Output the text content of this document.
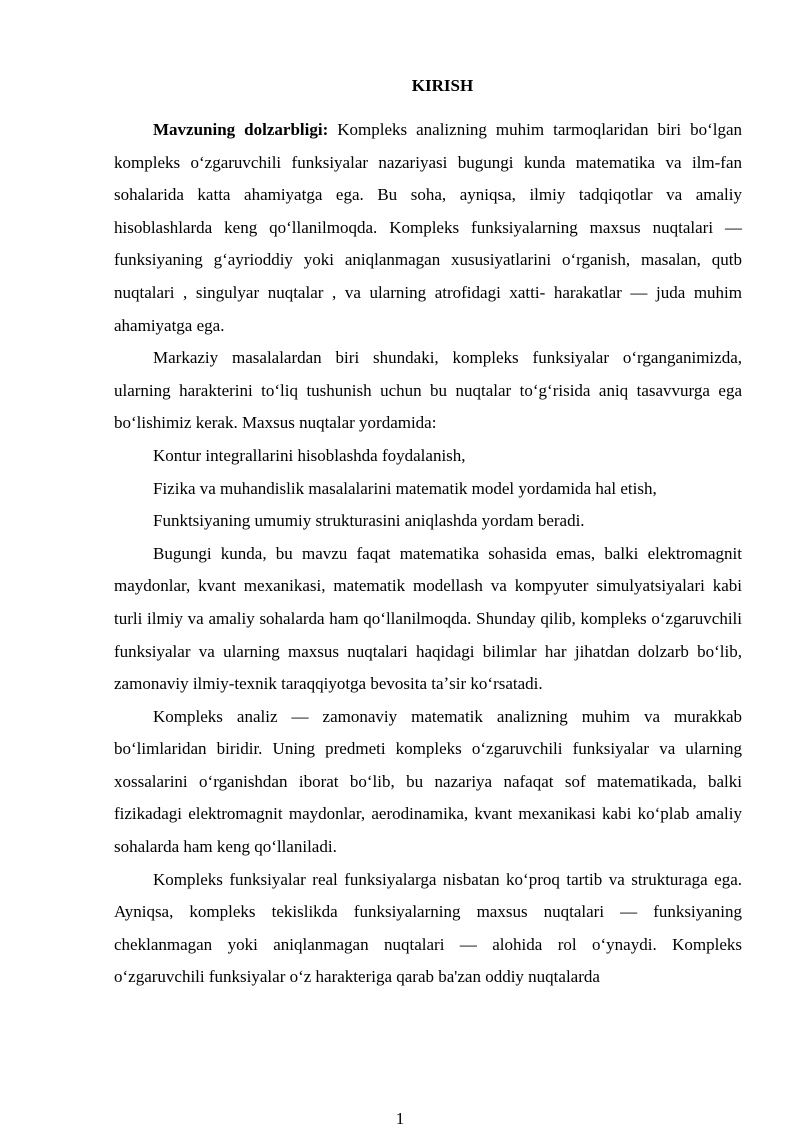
KIRISH

Mavzuning dolzarbligi: Kompleks analizning muhim tarmoqlaridan biri boʻlgan kompleks oʻzgaruvchili funksiyalar nazariyasi bugungi kunda matematika va ilm-fan sohalarida katta ahamiyatga ega. Bu soha, ayniqsa, ilmiy tadqiqotlar va amaliy hisoblashlarda keng qoʻllanilmoqda. Kompleks funksiyalarning maxsus nuqtalari — funksiyaning gʻayrioddiy yoki aniqlanmagan xususiyatlarini oʻrganish, masalan, qutb nuqtalari , singulyar nuqtalar , va ularning atrofidagi xatti- harakatlar — juda muhim ahamiyatga ega.

Markaziy masalalardan biri shundaki, kompleks funksiyalar oʻrganganimizda, ularning harakterini toʻliq tushunish uchun bu nuqtalar toʻgʻrisida aniq tasavvurga ega boʻlishimiz kerak. Maxsus nuqtalar yordamida:

Kontur integrallarini hisoblashda foydalanish,

Fizika va muhandislik masalalarini matematik model yordamida hal etish,

Funktsiyaning umumiy strukturasini aniqlashda yordam beradi.

Bugungi kunda, bu mavzu faqat matematika sohasida emas, balki elektromagnit maydonlar, kvant mexanikasi, matematik modellash va kompyuter simulyatsiyalari kabi turli ilmiy va amaliy sohalarda ham qoʻllanilmoqda. Shunday qilib, kompleks oʻzgaruvchili funksiyalar va ularning maxsus nuqtalari haqidagi bilimlar har jihatdan dolzarb boʻlib, zamonaviy ilmiy-texnik taraqqiyotga bevosita taʼsir koʻrsatadi.

Kompleks analiz — zamonaviy matematik analizning muhim va murakkab boʻlimlaridan biridir. Uning predmeti kompleks oʻzgaruvchili funksiyalar va ularning xossalarini oʻrganishdan iborat boʻlib, bu nazariya nafaqat sof matematikada, balki fizikadagi elektromagnit maydonlar, aerodinamika, kvant mexanikasi kabi koʻplab amaliy sohalarda ham keng qoʻllaniladi.

Kompleks funksiyalar real funksiyalarga nisbatan koʻproq tartib va strukturaga ega. Ayniqsa, kompleks tekislikda funksiyalarning maxsus nuqtalari — funksiyaning cheklanmagan yoki aniqlanmagan nuqtalari — alohida rol oʻynaydi. Kompleks oʻzgaruvchili funksiyalar oʻz harakteriga qarab ba'zan oddiy nuqtalarda

1
